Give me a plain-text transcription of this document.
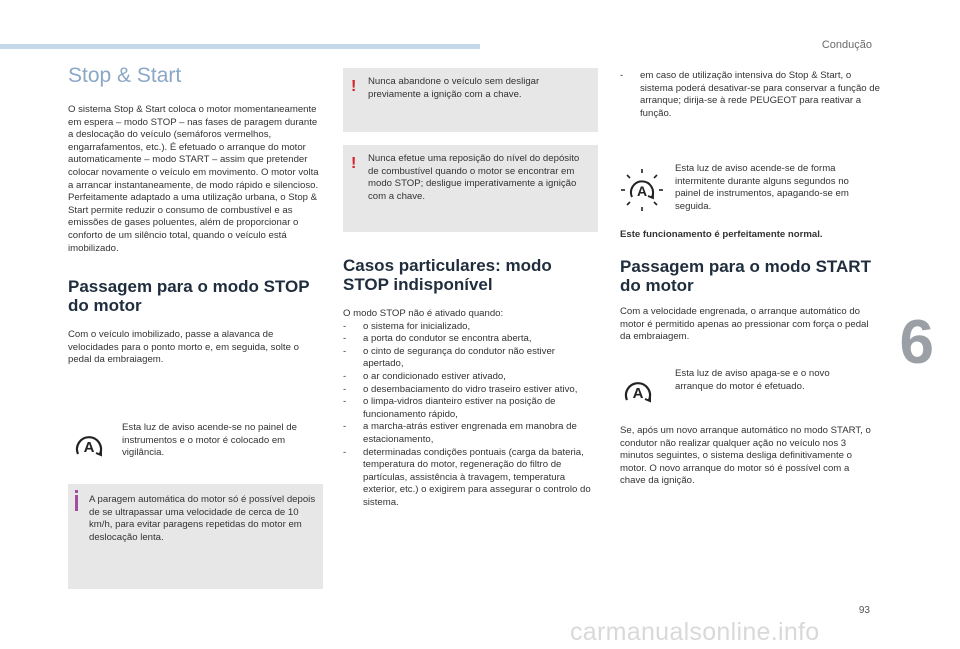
Condução
6
Stop & Start

O sistema Stop & Start coloca o motor momentaneamente em espera – modo STOP – nas fases de paragem durante a deslocação do veículo (semáforos vermelhos, engarrafamentos, etc.). É efetuado o arranque do motor automaticamente – modo START – assim que pretender colocar novamente o veículo em movimento. O motor volta a arrancar instantaneamente, de modo rápido e silencioso.

Perfeitamente adaptado a uma utilização urbana, o Stop & Start permite reduzir o consumo de combustível e as emissões de gases poluentes, além de proporcionar o conforto de um silêncio total, quando o veículo está imobilizado.

Passagem para o modo STOP do motor

Com o veículo imobilizado, passe a alavanca de velocidades para o ponto morto e, em seguida, solte o pedal da embraiagem.

A
Esta luz de aviso acende-se no painel de instrumentos e o motor é colocado em vigilância.
A paragem automática do motor só é possível depois de se ultrapassar uma velocidade de cerca de 10 km/h, para evitar paragens repetidas do motor em deslocação lenta.
! Nunca abandone o veículo sem desligar previamente a ignição com a chave.
! Nunca efetue uma reposição do nível do depósito de combustível quando o motor se encontrar em modo STOP; desligue imperativamente a ignição com a chave.
Casos particulares: modo STOP indisponível

O modo STOP não é ativado quando:

- o sistema for inicializado,
- a porta do condutor se encontra aberta,
- o cinto de segurança do condutor não estiver apertado,
- o ar condicionado estiver ativado,
- o desembaciamento do vidro traseiro estiver ativo,
- o limpa-vidros dianteiro estiver na posição de funcionamento rápido,
- a marcha-atrás estiver engrenada em manobra de estacionamento,
- determinadas condições pontuais (carga da bateria, temperatura do motor, regeneração do filtro de partículas, assistência à travagem, temperatura exterior, etc.) o exigirem para assegurar o controlo do sistema.
- em caso de utilização intensiva do Stop & Start, o sistema poderá desativar-se para conservar a função de arranque; dirija-se à rede PEUGEOT para reativar a função.
A
Esta luz de aviso acende-se de forma intermitente durante alguns segundos no painel de instrumentos, apagando-se em seguida.
Este funcionamento é perfeitamente normal.
Passagem para o modo START do motor

Com a velocidade engrenada, o arranque automático do motor é permitido apenas ao pressionar com força o pedal da embraiagem.

A
Esta luz de aviso apaga-se e o novo arranque do motor é efetuado.

Se, após um novo arranque automático no modo START, o condutor não realizar qualquer ação no veículo nos 3 minutos seguintes, o sistema desliga definitivamente o motor. O novo arranque do motor só é possível com a chave da ignição.

93
carmanualsonline.info
